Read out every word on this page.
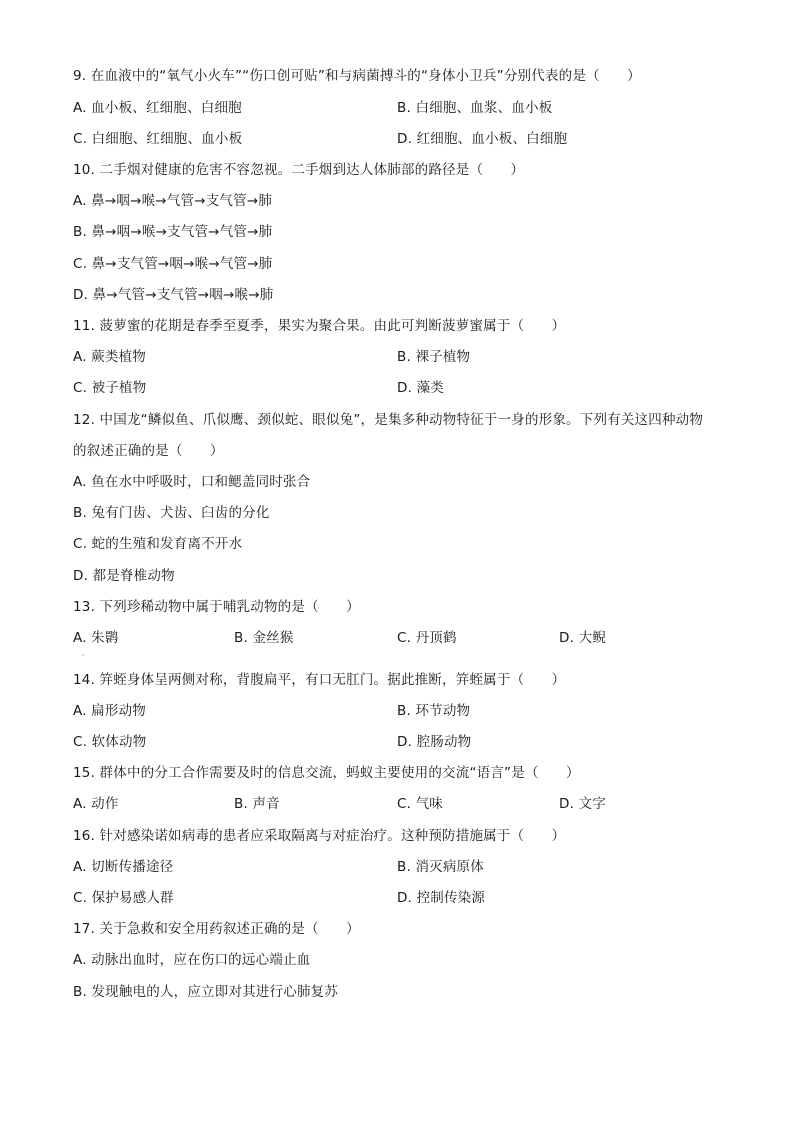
9. 在血液中的“氧气小火车”“伤口创可贴”和与病菌搏斗的“身体小卫兵”分别代表的是（　　）
A. 血小板、红细胞、白细胞	B. 白细胞、血浆、血小板
C. 白细胞、红细胞、血小板	D. 红细胞、血小板、白细胞
10. 二手烟对健康的危害不容忽视。二手烟到达人体肺部的路径是（　　）
A. 鼻→咽→喉→气管→支气管→肺
B. 鼻→咽→喉→支气管→气管→肺
C. 鼻→支气管→咽→喉→气管→肺
D. 鼻→气管→支气管→咽→喉→肺
11. 菠萝蜜的花期是春季至夏季，果实为聚合果。由此可判断菠萝蜜属于（　　）
A. 蕨类植物	B. 裸子植物
C. 被子植物	D. 藻类
12. 中国龙“鳞似鱼、爪似鹰、颈似蛇、眼似兔”，是集多种动物特征于一身的形象。下列有关这四种动物
的叙述正确的是（　　）
A. 鱼在水中呼吸时，口和鳃盖同时张合
B. 兔有门齿、犬齿、臼齿的分化
C. 蛇的生殖和发育离不开水
D. 都是脊椎动物
13. 下列珍稀动物中属于哺乳动物的是（　　）
A. 朱鹮	B. 金丝猴	C. 丹顶鹤	D. 大鲵
·
14. 笄蛭身体呈两侧对称，背腹扁平，有口无肛门。据此推断，笄蛭属于（　　）
A. 扁形动物	B. 环节动物
C. 软体动物	D. 腔肠动物
15. 群体中的分工合作需要及时的信息交流，蚂蚁主要使用的交流“语言”是（　　）
A. 动作	B. 声音	C. 气味	D. 文字
16. 针对感染诺如病毒的患者应采取隔离与对症治疗。这种预防措施属于（　　）
A. 切断传播途径	B. 消灭病原体
C. 保护易感人群	D. 控制传染源
17. 关于急救和安全用药叙述正确的是（　　）
A. 动脉出血时，应在伤口的远心端止血
B. 发现触电的人，应立即对其进行心肺复苏
